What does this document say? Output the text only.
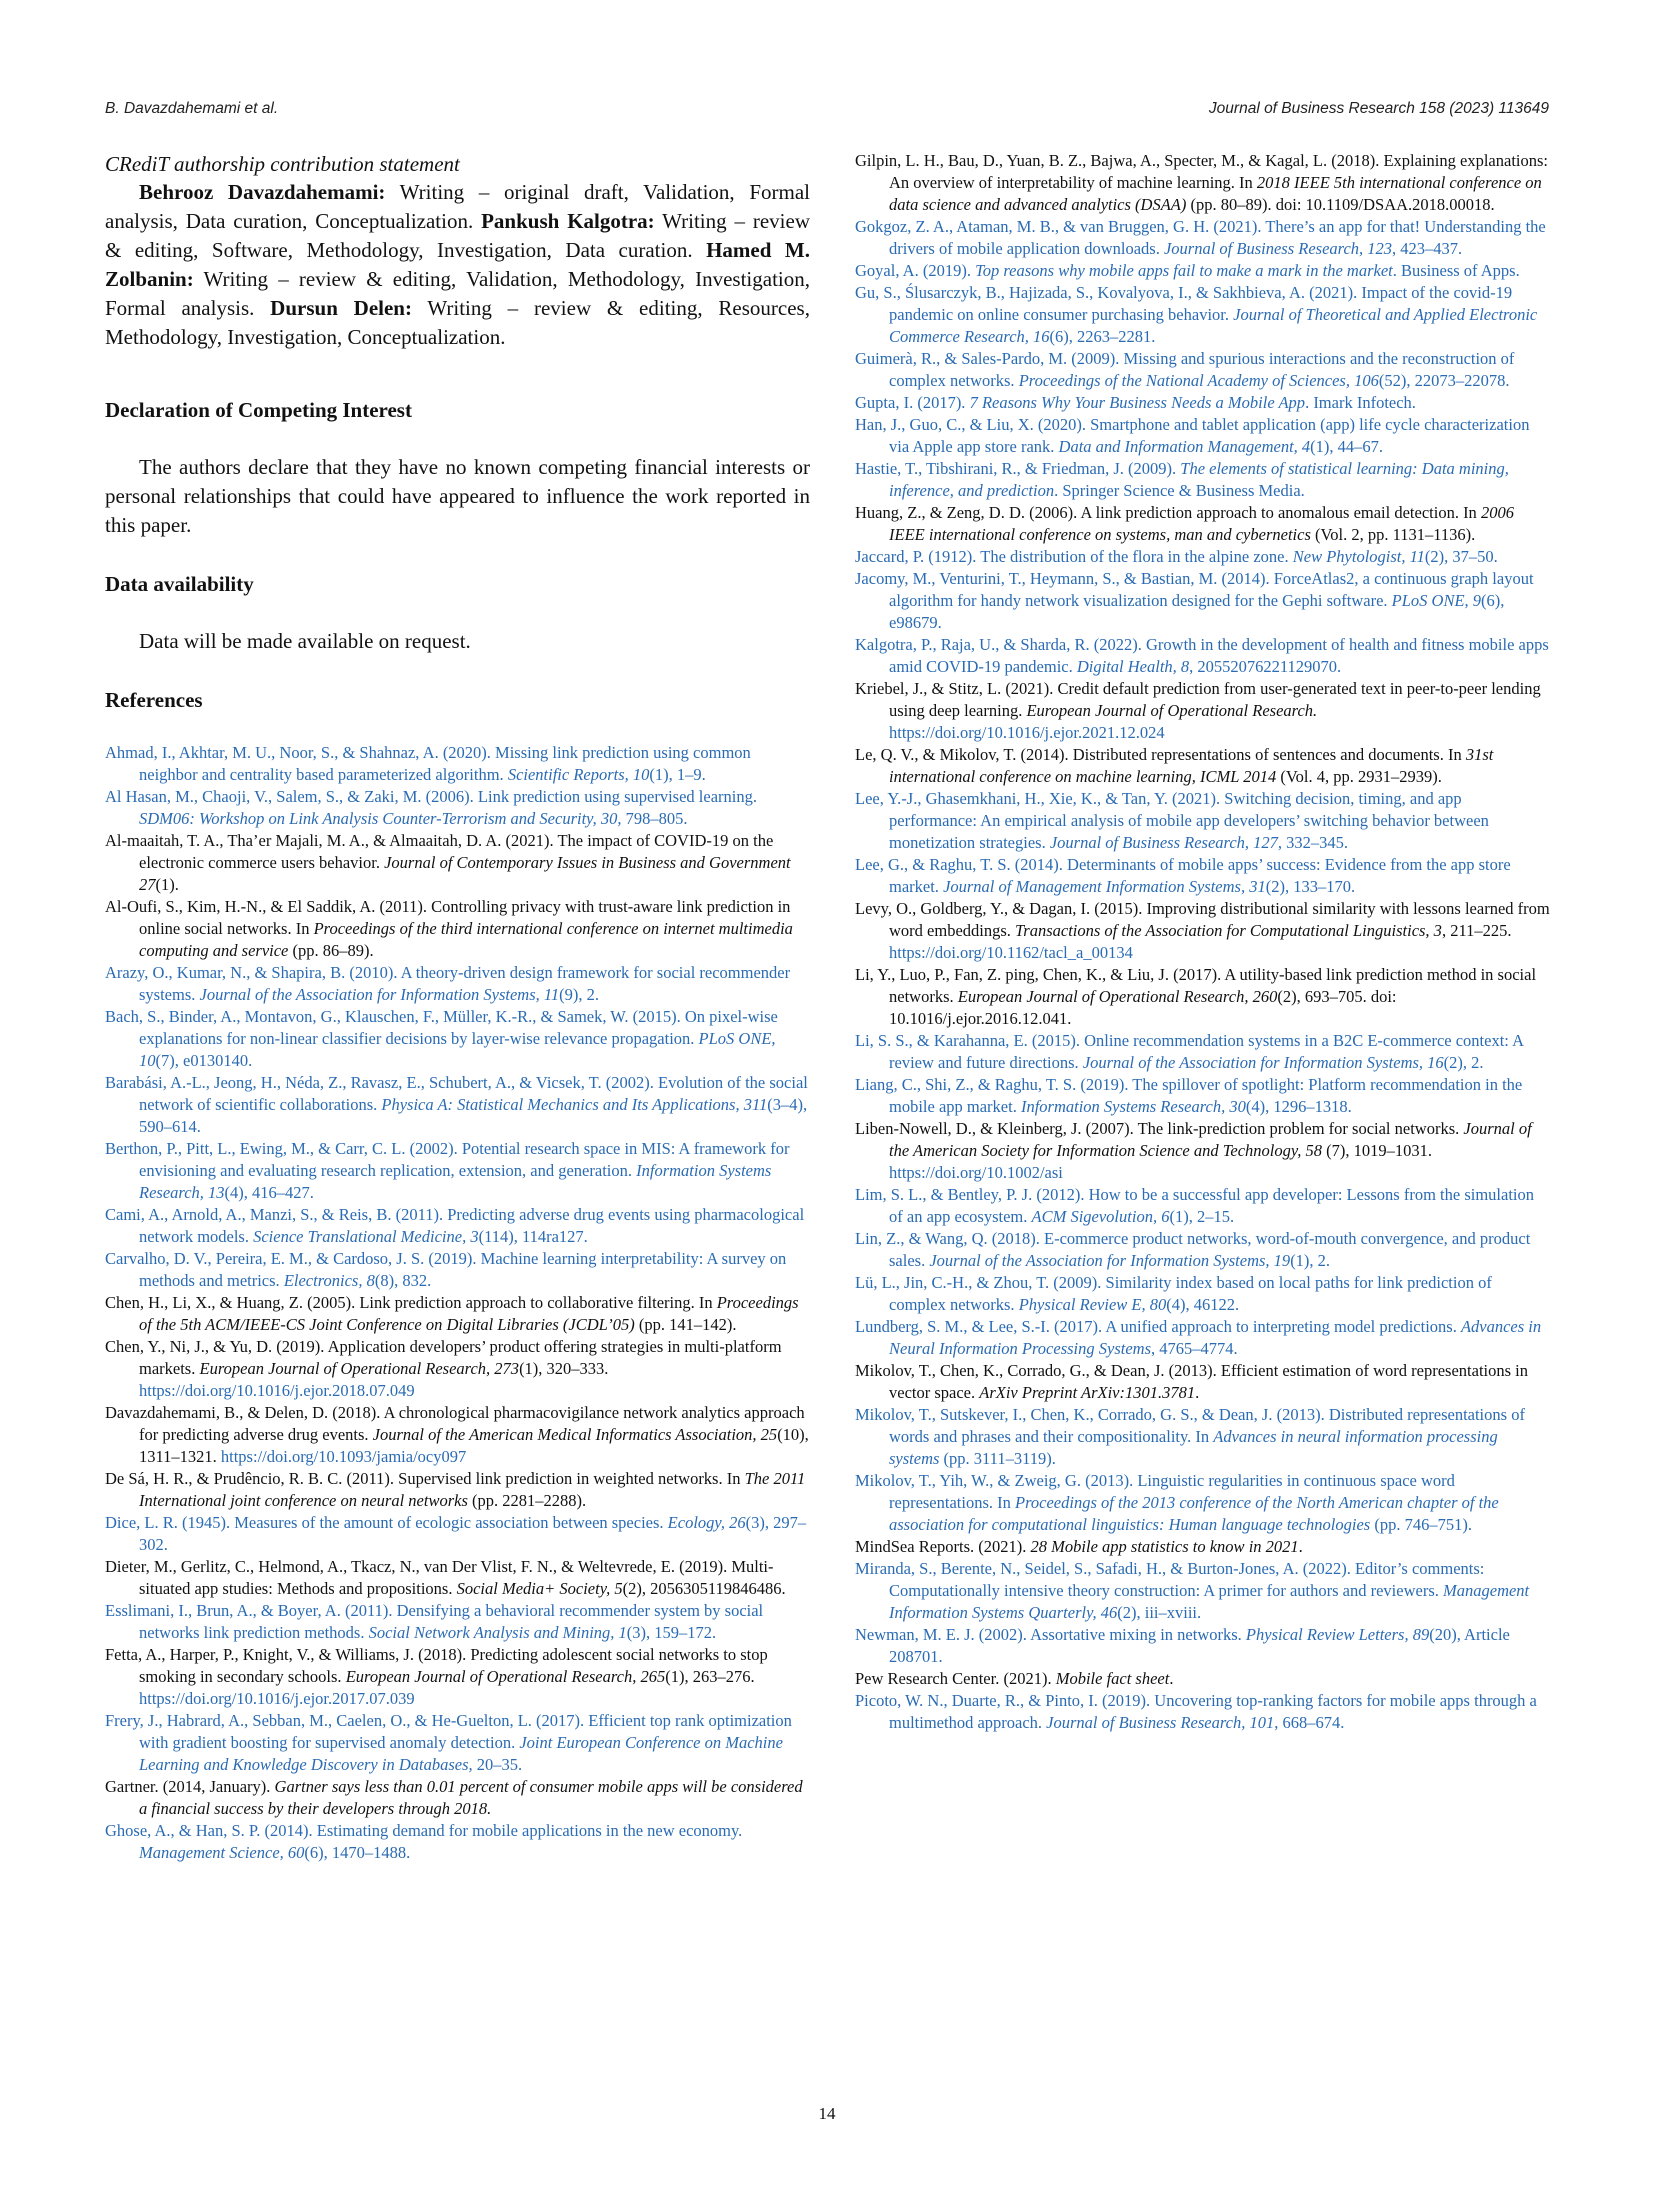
B. Davazdahemami et al.	Journal of Business Research 158 (2023) 113649

CRediT authorship contribution statement

Behrooz Davazdahemami: Writing – original draft, Validation, Formal analysis, Data curation, Conceptualization. Pankush Kalgotra: Writing – review & editing, Software, Methodology, Investigation, Data curation. Hamed M. Zolbanin: Writing – review & editing, Validation, Methodology, Investigation, Formal analysis. Dursun Delen: Writing – review & editing, Resources, Methodology, Investigation, Conceptualization.

Declaration of Competing Interest

The authors declare that they have no known competing financial interests or personal relationships that could have appeared to influence the work reported in this paper.

Data availability

Data will be made available on request.

References

Ahmad, I., Akhtar, M. U., Noor, S., & Shahnaz, A. (2020). Missing link prediction using common neighbor and centrality based parameterized algorithm. Scientific Reports, 10(1), 1–9.

Al Hasan, M., Chaoji, V., Salem, S., & Zaki, M. (2006). Link prediction using supervised learning. SDM06: Workshop on Link Analysis Counter-Terrorism and Security, 30, 798–805.

Al-maaitah, T. A., Tha’er Majali, M. A., & Almaaitah, D. A. (2021). The impact of COVID-19 on the electronic commerce users behavior. Journal of Contemporary Issues in Business and Government 27(1).

Al-Oufi, S., Kim, H.-N., & El Saddik, A. (2011). Controlling privacy with trust-aware link prediction in online social networks. In Proceedings of the third international conference on internet multimedia computing and service (pp. 86–89).

Arazy, O., Kumar, N., & Shapira, B. (2010). A theory-driven design framework for social recommender systems. Journal of the Association for Information Systems, 11(9), 2.

Bach, S., Binder, A., Montavon, G., Klauschen, F., Müller, K.-R., & Samek, W. (2015). On pixel-wise explanations for non-linear classifier decisions by layer-wise relevance propagation. PLoS ONE, 10(7), e0130140.

Barabási, A.-L., Jeong, H., Néda, Z., Ravasz, E., Schubert, A., & Vicsek, T. (2002). Evolution of the social network of scientific collaborations. Physica A: Statistical Mechanics and Its Applications, 311(3–4), 590–614.

Berthon, P., Pitt, L., Ewing, M., & Carr, C. L. (2002). Potential research space in MIS: A framework for envisioning and evaluating research replication, extension, and generation. Information Systems Research, 13(4), 416–427.

Cami, A., Arnold, A., Manzi, S., & Reis, B. (2011). Predicting adverse drug events using pharmacological network models. Science Translational Medicine, 3(114), 114ra127.

Carvalho, D. V., Pereira, E. M., & Cardoso, J. S. (2019). Machine learning interpretability: A survey on methods and metrics. Electronics, 8(8), 832.

Chen, H., Li, X., & Huang, Z. (2005). Link prediction approach to collaborative filtering. In Proceedings of the 5th ACM/IEEE-CS Joint Conference on Digital Libraries (JCDL’05) (pp. 141–142).

Chen, Y., Ni, J., & Yu, D. (2019). Application developers’ product offering strategies in multi-platform markets. European Journal of Operational Research, 273(1), 320–333. https://doi.org/10.1016/j.ejor.2018.07.049

Davazdahemami, B., & Delen, D. (2018). A chronological pharmacovigilance network analytics approach for predicting adverse drug events. Journal of the American Medical Informatics Association, 25(10), 1311–1321. https://doi.org/10.1093/jamia/ocy097

De Sá, H. R., & Prudêncio, R. B. C. (2011). Supervised link prediction in weighted networks. In The 2011 International joint conference on neural networks (pp. 2281–2288).

Dice, L. R. (1945). Measures of the amount of ecologic association between species. Ecology, 26(3), 297–302.

Dieter, M., Gerlitz, C., Helmond, A., Tkacz, N., van Der Vlist, F. N., & Weltevrede, E. (2019). Multi-situated app studies: Methods and propositions. Social Media+ Society, 5(2), 2056305119846486.

Esslimani, I., Brun, A., & Boyer, A. (2011). Densifying a behavioral recommender system by social networks link prediction methods. Social Network Analysis and Mining, 1(3), 159–172.

Fetta, A., Harper, P., Knight, V., & Williams, J. (2018). Predicting adolescent social networks to stop smoking in secondary schools. European Journal of Operational Research, 265(1), 263–276. https://doi.org/10.1016/j.ejor.2017.07.039

Frery, J., Habrard, A., Sebban, M., Caelen, O., & He-Guelton, L. (2017). Efficient top rank optimization with gradient boosting for supervised anomaly detection. Joint European Conference on Machine Learning and Knowledge Discovery in Databases, 20–35.

Gartner. (2014, January). Gartner says less than 0.01 percent of consumer mobile apps will be considered a financial success by their developers through 2018.

Ghose, A., & Han, S. P. (2014). Estimating demand for mobile applications in the new economy. Management Science, 60(6), 1470–1488.

Gilpin, L. H., Bau, D., Yuan, B. Z., Bajwa, A., Specter, M., & Kagal, L. (2018). Explaining explanations: An overview of interpretability of machine learning. In 2018 IEEE 5th international conference on data science and advanced analytics (DSAA) (pp. 80–89). doi: 10.1109/DSAA.2018.00018.

Gokgoz, Z. A., Ataman, M. B., & van Bruggen, G. H. (2021). There’s an app for that! Understanding the drivers of mobile application downloads. Journal of Business Research, 123, 423–437.

Goyal, A. (2019). Top reasons why mobile apps fail to make a mark in the market. Business of Apps.

Gu, S., Ślusarczyk, B., Hajizada, S., Kovalyova, I., & Sakhbieva, A. (2021). Impact of the covid-19 pandemic on online consumer purchasing behavior. Journal of Theoretical and Applied Electronic Commerce Research, 16(6), 2263–2281.

Guimerà, R., & Sales-Pardo, M. (2009). Missing and spurious interactions and the reconstruction of complex networks. Proceedings of the National Academy of Sciences, 106(52), 22073–22078.

Gupta, I. (2017). 7 Reasons Why Your Business Needs a Mobile App. Imark Infotech.

Han, J., Guo, C., & Liu, X. (2020). Smartphone and tablet application (app) life cycle characterization via Apple app store rank. Data and Information Management, 4(1), 44–67.

Hastie, T., Tibshirani, R., & Friedman, J. (2009). The elements of statistical learning: Data mining, inference, and prediction. Springer Science & Business Media.

Huang, Z., & Zeng, D. D. (2006). A link prediction approach to anomalous email detection. In 2006 IEEE international conference on systems, man and cybernetics (Vol. 2, pp. 1131–1136).

Jaccard, P. (1912). The distribution of the flora in the alpine zone. New Phytologist, 11(2), 37–50.

Jacomy, M., Venturini, T., Heymann, S., & Bastian, M. (2014). ForceAtlas2, a continuous graph layout algorithm for handy network visualization designed for the Gephi software. PLoS ONE, 9(6), e98679.

Kalgotra, P., Raja, U., & Sharda, R. (2022). Growth in the development of health and fitness mobile apps amid COVID-19 pandemic. Digital Health, 8, 20552076221129070.

Kriebel, J., & Stitz, L. (2021). Credit default prediction from user-generated text in peer-to-peer lending using deep learning. European Journal of Operational Research. https://doi.org/10.1016/j.ejor.2021.12.024

Le, Q. V., & Mikolov, T. (2014). Distributed representations of sentences and documents. In 31st international conference on machine learning, ICML 2014 (Vol. 4, pp. 2931–2939).

Lee, Y.-J., Ghasemkhani, H., Xie, K., & Tan, Y. (2021). Switching decision, timing, and app performance: An empirical analysis of mobile app developers’ switching behavior between monetization strategies. Journal of Business Research, 127, 332–345.

Lee, G., & Raghu, T. S. (2014). Determinants of mobile apps’ success: Evidence from the app store market. Journal of Management Information Systems, 31(2), 133–170.

Levy, O., Goldberg, Y., & Dagan, I. (2015). Improving distributional similarity with lessons learned from word embeddings. Transactions of the Association for Computational Linguistics, 3, 211–225. https://doi.org/10.1162/tacl_a_00134

Li, Y., Luo, P., Fan, Z. ping, Chen, K., & Liu, J. (2017). A utility-based link prediction method in social networks. European Journal of Operational Research, 260(2), 693–705. doi: 10.1016/j.ejor.2016.12.041.

Li, S. S., & Karahanna, E. (2015). Online recommendation systems in a B2C E-commerce context: A review and future directions. Journal of the Association for Information Systems, 16(2), 2.

Liang, C., Shi, Z., & Raghu, T. S. (2019). The spillover of spotlight: Platform recommendation in the mobile app market. Information Systems Research, 30(4), 1296–1318.

Liben-Nowell, D., & Kleinberg, J. (2007). The link-prediction problem for social networks. Journal of the American Society for Information Science and Technology, 58 (7), 1019–1031. https://doi.org/10.1002/asi

Lim, S. L., & Bentley, P. J. (2012). How to be a successful app developer: Lessons from the simulation of an app ecosystem. ACM Sigevolution, 6(1), 2–15.

Lin, Z., & Wang, Q. (2018). E-commerce product networks, word-of-mouth convergence, and product sales. Journal of the Association for Information Systems, 19(1), 2.

Lü, L., Jin, C.-H., & Zhou, T. (2009). Similarity index based on local paths for link prediction of complex networks. Physical Review E, 80(4), 46122.

Lundberg, S. M., & Lee, S.-I. (2017). A unified approach to interpreting model predictions. Advances in Neural Information Processing Systems, 4765–4774.

Mikolov, T., Chen, K., Corrado, G., & Dean, J. (2013). Efficient estimation of word representations in vector space. ArXiv Preprint ArXiv:1301.3781.

Mikolov, T., Sutskever, I., Chen, K., Corrado, G. S., & Dean, J. (2013). Distributed representations of words and phrases and their compositionality. In Advances in neural information processing systems (pp. 3111–3119).

Mikolov, T., Yih, W., & Zweig, G. (2013). Linguistic regularities in continuous space word representations. In Proceedings of the 2013 conference of the North American chapter of the association for computational linguistics: Human language technologies (pp. 746–751).

MindSea Reports. (2021). 28 Mobile app statistics to know in 2021.

Miranda, S., Berente, N., Seidel, S., Safadi, H., & Burton-Jones, A. (2022). Editor’s comments: Computationally intensive theory construction: A primer for authors and reviewers. Management Information Systems Quarterly, 46(2), iii–xviii.

Newman, M. E. J. (2002). Assortative mixing in networks. Physical Review Letters, 89(20), Article 208701.

Pew Research Center. (2021). Mobile fact sheet.

Picoto, W. N., Duarte, R., & Pinto, I. (2019). Uncovering top-ranking factors for mobile apps through a multimethod approach. Journal of Business Research, 101, 668–674.

14
